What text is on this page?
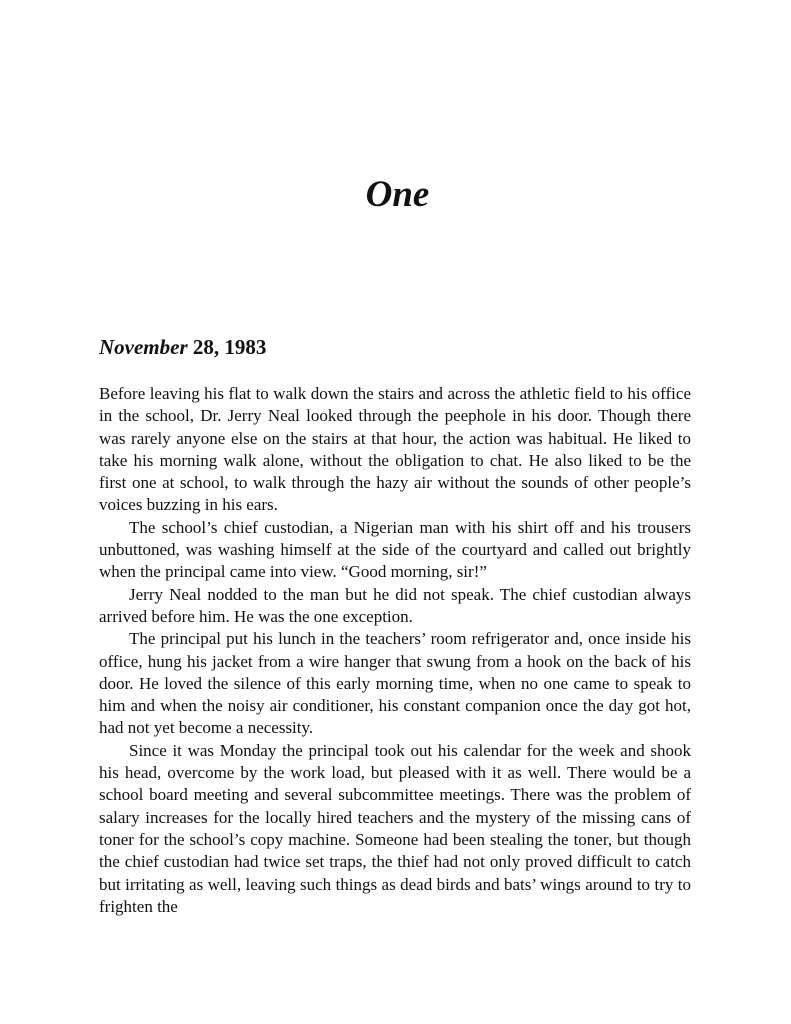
One
November 28, 1983

Before leaving his flat to walk down the stairs and across the athletic field to his office in the school, Dr. Jerry Neal looked through the peephole in his door. Though there was rarely anyone else on the stairs at that hour, the action was habitual. He liked to take his morning walk alone, without the obligation to chat. He also liked to be the first one at school, to walk through the hazy air without the sounds of other people’s voices buzzing in his ears.

The school’s chief custodian, a Nigerian man with his shirt off and his trousers unbuttoned, was washing himself at the side of the courtyard and called out brightly when the principal came into view. “Good morning, sir!”

Jerry Neal nodded to the man but he did not speak. The chief custodian always arrived before him. He was the one exception.

The principal put his lunch in the teachers’ room refrigerator and, once inside his office, hung his jacket from a wire hanger that swung from a hook on the back of his door. He loved the silence of this early morning time, when no one came to speak to him and when the noisy air conditioner, his constant companion once the day got hot, had not yet become a necessity.

Since it was Monday the principal took out his calendar for the week and shook his head, overcome by the work load, but pleased with it as well. There would be a school board meeting and several subcommittee meetings. There was the problem of salary increases for the locally hired teachers and the mystery of the missing cans of toner for the school’s copy machine. Someone had been stealing the toner, but though the chief custodian had twice set traps, the thief had not only proved difficult to catch but irritating as well, leaving such things as dead birds and bats’ wings around to try to frighten the
